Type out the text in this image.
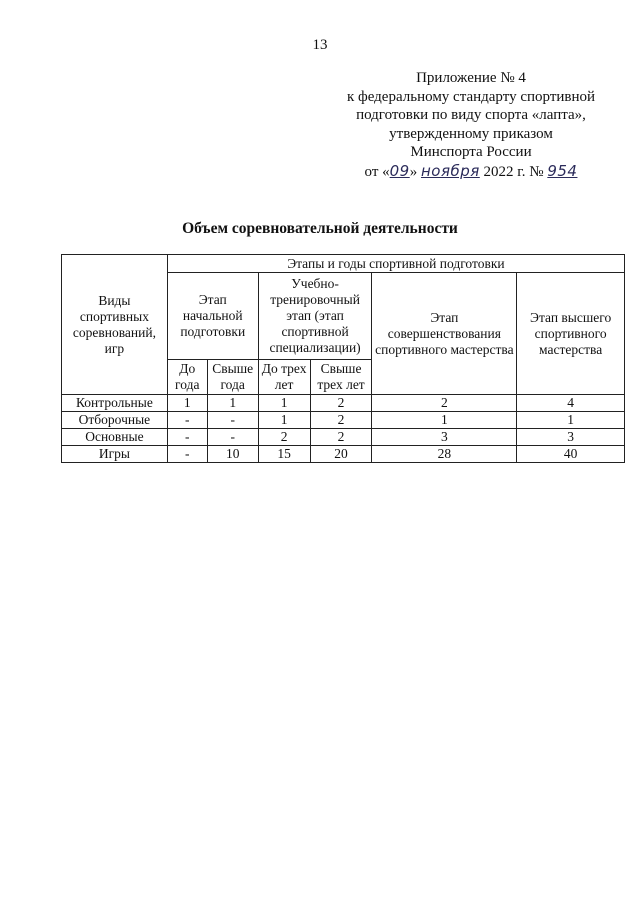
13
Приложение № 4
к федеральному стандарту спортивной
подготовки по виду спорта «лапта»,
утвержденному приказом
Минспорта России
от «09» ноября 2022 г. № 954
Объем соревновательной деятельности
Виды спортивных соревнований, игр	Этапы и годы спортивной подготовки					
	Этап начальной подготовки		Учебно-тренировочный этап (этап спортивной специализации)		Этап совершенствования спортивного мастерства	Этап высшего спортивного мастерства
	До года	Свыше года	До трех лет	Свыше трех лет		
Контрольные	1	1	1	2	2	4
Отборочные	-	-	1	2	1	1
Основные	-	-	2	2	3	3
Игры	-	10	15	20	28	40
